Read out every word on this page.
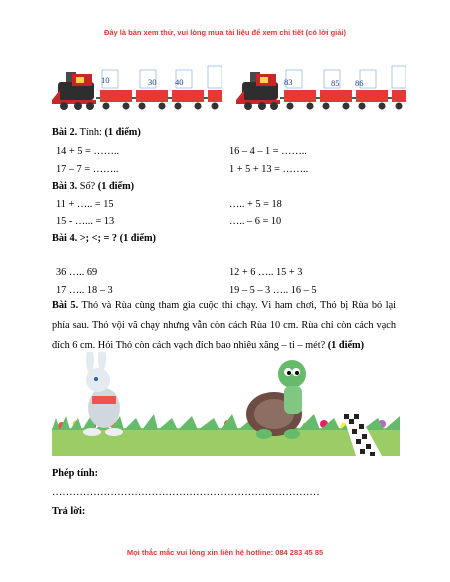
Đây là bản xem thử, vui lòng mua tài liệu để xem chi tiết (có lời giải)
10	30 40	83	85 86
Bài 2. Tính: (1 điểm)
14 + 5 = ……..	16 – 4 – 1 = ……..
17 – 7 = ……..	1 + 5 + 13 = ……..
Bài 3. Số? (1 điểm)
11 + ….. = 15	….. + 5 = 18
15 - …... = 13	….. – 6 = 10
Bài 4. >; <; = ? (1 điểm)
36 ….. 69	12 + 6 ….. 15 + 3
17 ….. 18 – 3	19 – 5 – 3 ….. 16 – 5
Bài 5. Thỏ và Rùa cùng tham gia cuộc thi chạy. Vì ham chơi, Thỏ bị Rùa bỏ lại phía sau. Thỏ vội vã chạy nhưng vẫn còn cách Rùa 10 cm. Rùa chỉ còn cách vạch đích 6 cm. Hỏi Thỏ còn cách vạch đích bao nhiêu xăng – ti – mét? (1 điểm)
Phép tính:
……………………………………………………………………
Trả lời:
Mọi thắc mắc vui lòng xin liên hệ hotline: 084 283 45 85
